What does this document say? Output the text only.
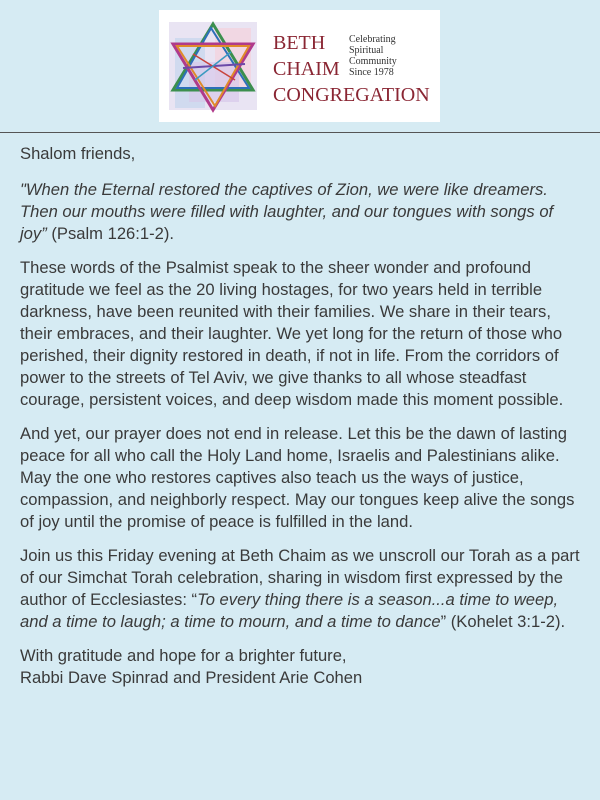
BETH
CHAIM
CONGREGATION
Celebrating
Spiritual
Community
Since 1978

Shalom friends,

"When the Eternal restored the captives of Zion, we were like dreamers. Then our mouths were filled with laughter, and our tongues with songs of joy” (Psalm 126:1-2).

These words of the Psalmist speak to the sheer wonder and profound gratitude we feel as the 20 living hostages, for two years held in terrible darkness, have been reunited with their families. We share in their tears, their embraces, and their laughter. We yet long for the return of those who perished, their dignity restored in death, if not in life. From the corridors of power to the streets of Tel Aviv, we give thanks to all whose steadfast courage, persistent voices, and deep wisdom made this moment possible.

And yet, our prayer does not end in release. Let this be the dawn of lasting peace for all who call the Holy Land home, Israelis and Palestinians alike. May the one who restores captives also teach us the ways of justice, compassion, and neighborly respect. May our tongues keep alive the songs of joy until the promise of peace is fulfilled in the land.

Join us this Friday evening at Beth Chaim as we unscroll our Torah as a part of our Simchat Torah celebration, sharing in wisdom first expressed by the author of Ecclesiastes: “To every thing there is a season...a time to weep, and a time to laugh; a time to mourn, and a time to dance” (Kohelet 3:1-2).

With gratitude and hope for a brighter future,
Rabbi Dave Spinrad and President Arie Cohen
